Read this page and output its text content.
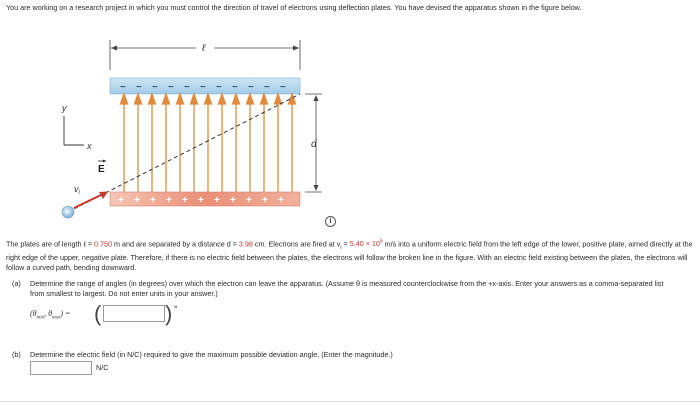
You are working on a research project in which you must control the direction of travel of electrons using deflection plates. You have devised the apparatus shown in the figure below.
ℓ
− − − − − − − − − − −
+ + + + + + + + + + +
E
$v_i$
−
y
x	d
i
The plates are of length ℓ = 0.750 m and are separated by a distance d = 3.98 cm. Electrons are fired at $v_i = 5.40 \times 10^6$ m/s into a uniform electric field from the left edge of the lower, positive plate, aimed directly at the right edge of the upper, negative plate. Therefore, if there is no electric field between the plates, the electrons will follow the broken line in the figure. With an electric field existing between the plates, the electrons will follow a curved path, bending downward.
(a) Determine the range of angles (in degrees) over which the electron can leave the apparatus. (Assume θ is measured counterclockwise from the +x-axis. Enter your answers as a comma-separated list from smallest to largest. Do not enter units in your answer.)
($\theta_{min}$, $\theta_{max}$) = (	) °
(b) Determine the electric field (in N/C) required to give the maximum possible deviation angle. (Enter the magnitude.)
N/C
